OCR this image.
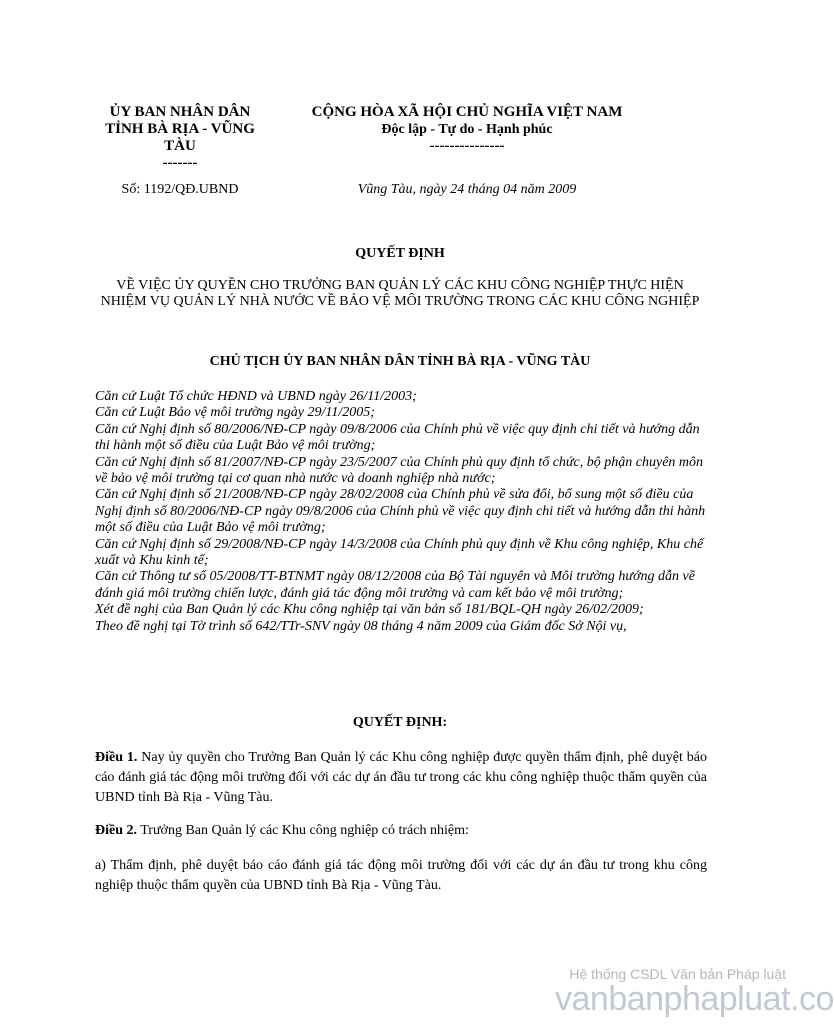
ỦY BAN NHÂN DÂN
TỈNH BÀ RỊA - VŨNG
TÀU
-------
CỘNG HÒA XÃ HỘI CHỦ NGHĨA VIỆT NAM
Độc lập - Tự do - Hạnh phúc
---------------
Số: 1192/QĐ.UBND	Vũng Tàu, ngày 24 tháng 04 năm 2009
QUYẾT ĐỊNH
VỀ VIỆC ỦY QUYỀN CHO TRƯỞNG BAN QUẢN LÝ CÁC KHU CÔNG NGHIỆP THỰC HIỆN NHIỆM VỤ QUẢN LÝ NHÀ NƯỚC VỀ BẢO VỆ MÔI TRƯỜNG TRONG CÁC KHU CÔNG NGHIỆP
CHỦ TỊCH ỦY BAN NHÂN DÂN TỈNH BÀ RỊA - VŨNG TÀU

Căn cứ Luật Tổ chức HĐND và UBND ngày 26/11/2003;

Căn cứ Luật Bảo vệ môi trường ngày 29/11/2005;

Căn cứ Nghị định số 80/2006/NĐ-CP ngày 09/8/2006 của Chính phủ về việc quy định chi tiết và hướng dẫn thi hành một số điều của Luật Bảo vệ môi trường;

Căn cứ Nghị định số 81/2007/NĐ-CP ngày 23/5/2007 của Chính phủ quy định tổ chức, bộ phận chuyên môn về bảo vệ môi trường tại cơ quan nhà nước và doanh nghiệp nhà nước;

Căn cứ Nghị định số 21/2008/NĐ-CP ngày 28/02/2008 của Chính phủ về sửa đổi, bổ sung một số điều của Nghị định số 80/2006/NĐ-CP ngày 09/8/2006 của Chính phủ về việc quy định chi tiết và hướng dẫn thi hành một số điều của Luật Bảo vệ môi trường;

Căn cứ Nghị định số 29/2008/NĐ-CP ngày 14/3/2008 của Chính phủ quy định về Khu công nghiệp, Khu chế xuất và Khu kinh tế;

Căn cứ Thông tư số 05/2008/TT-BTNMT ngày 08/12/2008 của Bộ Tài nguyên và Môi trường hướng dẫn về đánh giá môi trường chiến lược, đánh giá tác động môi trường và cam kết bảo vệ môi trường;

Xét đề nghị của Ban Quản lý các Khu công nghiệp tại văn bản số 181/BQL-QH ngày 26/02/2009;

Theo đề nghị tại Tờ trình số 642/TTr-SNV ngày 08 tháng 4 năm 2009 của Giám đốc Sở Nội vụ,

QUYẾT ĐỊNH:

Điều 1. Nay ủy quyền cho Trưởng Ban Quản lý các Khu công nghiệp được quyền thẩm định, phê duyệt báo cáo đánh giá tác động môi trường đối với các dự án đầu tư trong các khu công nghiệp thuộc thẩm quyền của UBND tỉnh Bà Rịa - Vũng Tàu.

Điều 2. Trưởng Ban Quản lý các Khu công nghiệp có trách nhiệm:

a) Thẩm định, phê duyệt báo cáo đánh giá tác động môi trường đối với các dự án đầu tư trong khu công nghiệp thuộc thẩm quyền của UBND tỉnh Bà Rịa - Vũng Tàu.

Hệ thống CSDL Văn bản Pháp luật
vanbanphapluat.co
